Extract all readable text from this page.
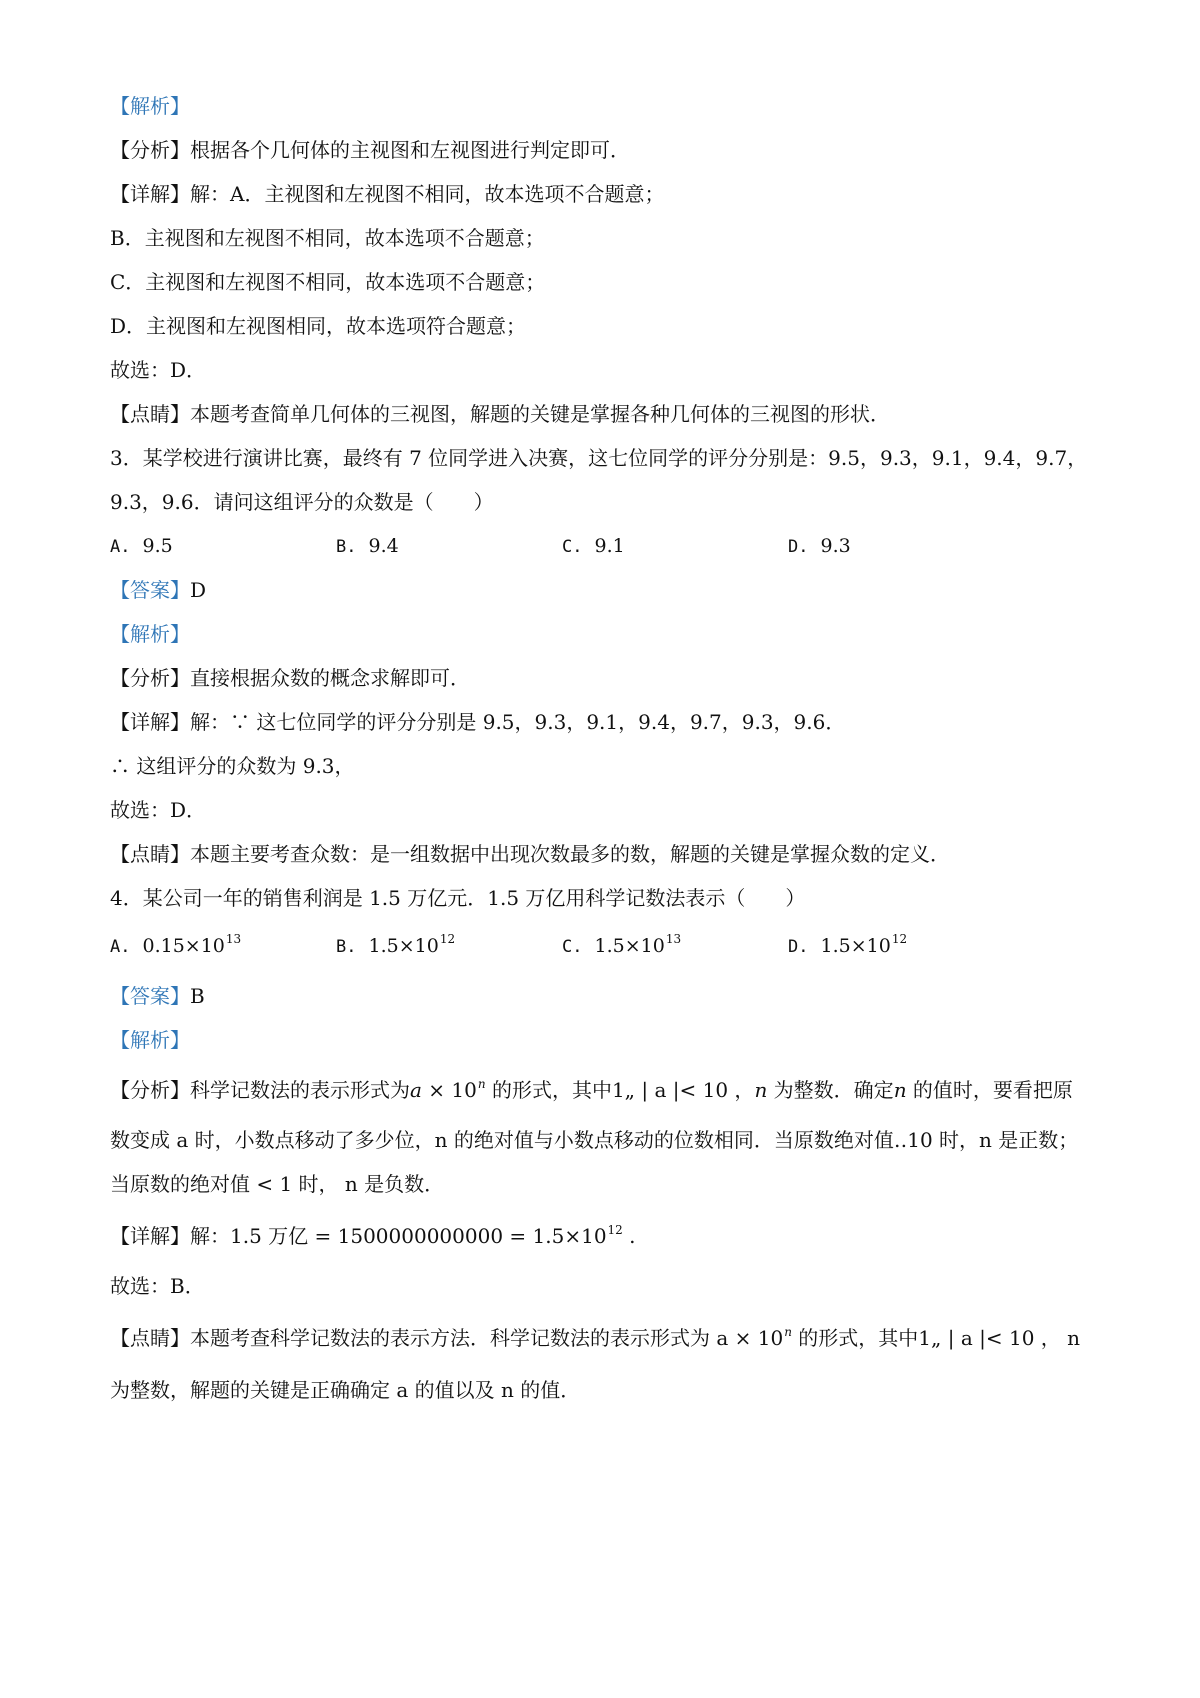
【解析】
【分析】根据各个几何体的主视图和左视图进行判定即可．
【详解】解：A．主视图和左视图不相同，故本选项不合题意；
B．主视图和左视图不相同，故本选项不合题意；
C．主视图和左视图不相同，故本选项不合题意；
D．主视图和左视图相同，故本选项符合题意；
故选：D．
【点睛】本题考查简单几何体的三视图，解题的关键是掌握各种几何体的三视图的形状．
3．某学校进行演讲比赛，最终有 7 位同学进入决赛，这七位同学的评分分别是：9.5，9.3，9.1，9.4，9.7，
9.3，9.6．请问这组评分的众数是（　　）
A. 9.5	B. 9.4	C. 9.1	D. 9.3
【答案】D
【解析】
【分析】直接根据众数的概念求解即可．
【详解】解：∵ 这七位同学的评分分别是 9.5，9.3，9.1，9.4，9.7，9.3，9.6．
∴ 这组评分的众数为 9.3，
故选：D．
【点睛】本题主要考查众数：是一组数据中出现次数最多的数，解题的关键是掌握众数的定义．
4．某公司一年的销售利润是 1.5 万亿元．1.5 万亿用科学记数法表示（　　）
A. $0.15\times 10^{13}$	B. $1.5\times 10^{12}$	C. $1.5\times 10^{13}$	D. $1.5\times 10^{12}$
【答案】B
【解析】
【分析】科学记数法的表示形式为$a \times 10^n$ 的形式，其中1„ | a |< 10 ，n 为整数．确定n 的值时，要看把原
数变成 a 时，小数点移动了多少位，n 的绝对值与小数点移动的位数相同．当原数绝对值‥10 时，n 是正数；
当原数的绝对值 < 1 时， n 是负数．
【详解】解：1.5 万亿 = $1500000000000 = 1.5\times 10^{12}$ .
故选：B．
【点睛】本题考查科学记数法的表示方法．科学记数法的表示形式为 $a \times 10^n$ 的形式，其中1„ | a |< 10 ， n
为整数，解题的关键是正确确定 a 的值以及 n 的值．
